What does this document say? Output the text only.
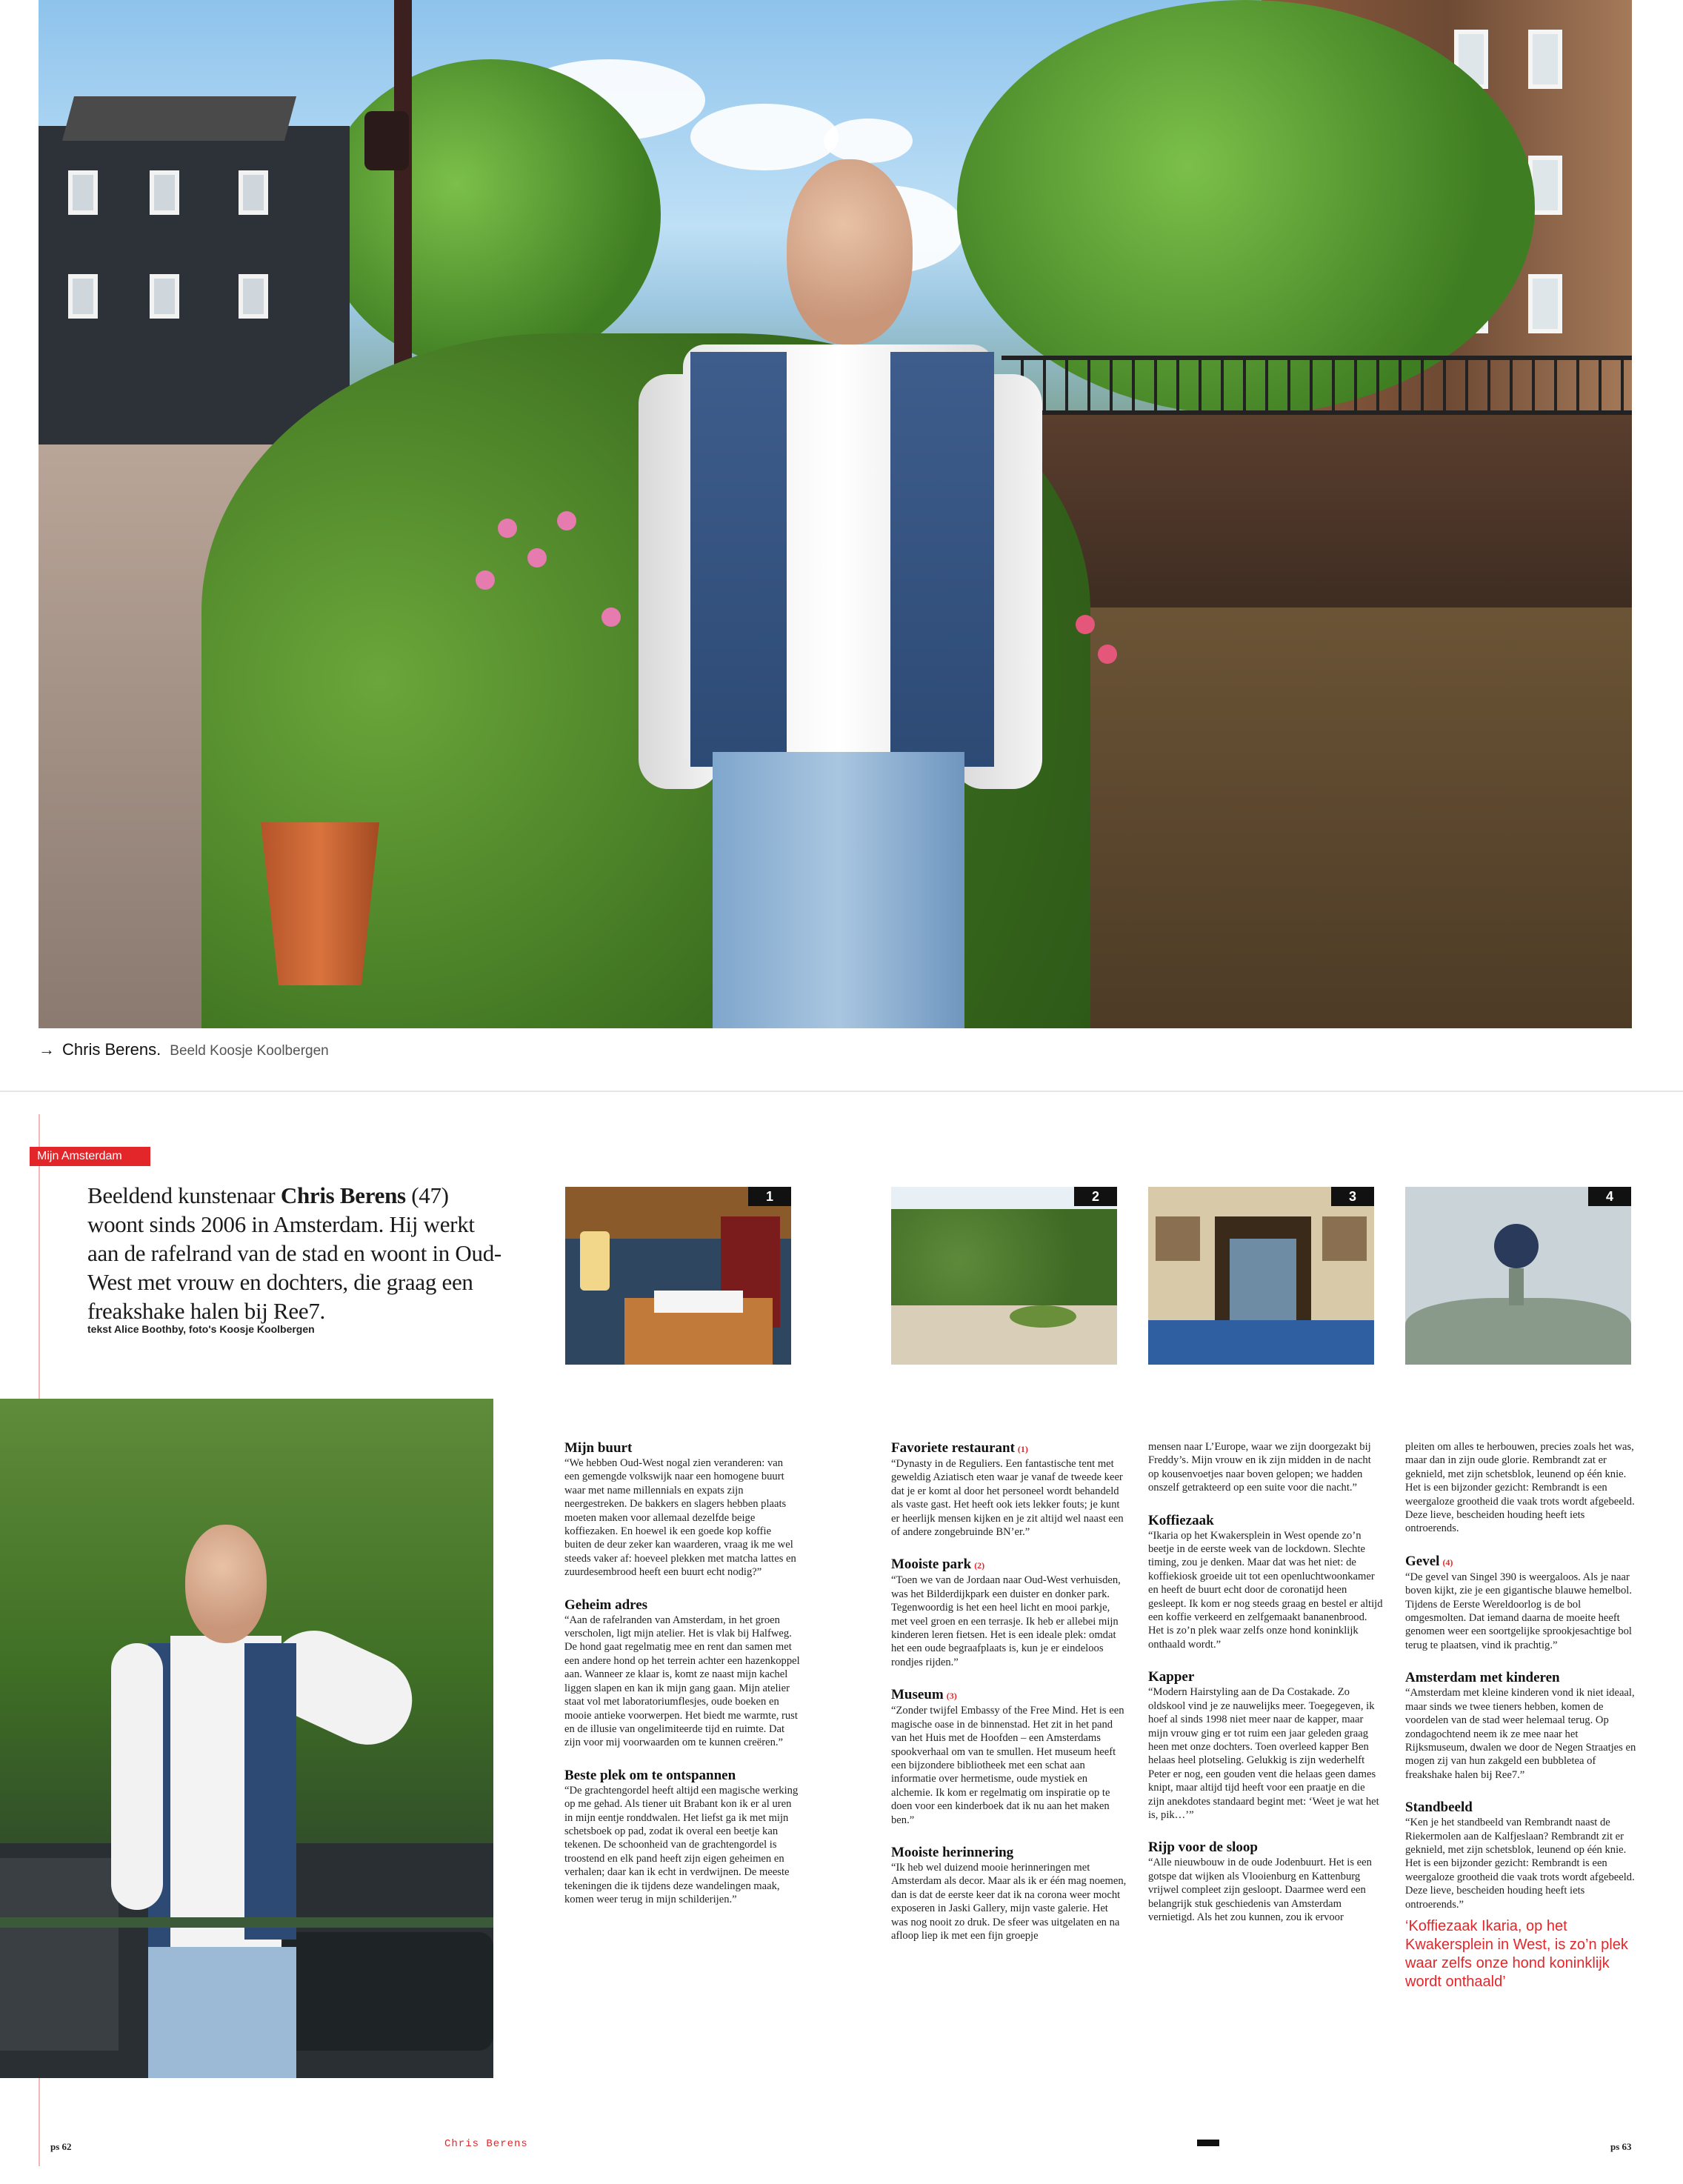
→ Chris Berens. Beeld Koosje Koolbergen
Mijn Amsterdam
Beeldend kunstenaar Chris Berens (47) woont sinds 2006 in Amsterdam. Hij werkt aan de rafelrand van de stad en woont in Oud-West met vrouw en dochters, die graag een freakshake halen bij Ree7.
tekst Alice Boothby, foto's Koosje Koolbergen
1	2	3	4
Mijn buurt

“We hebben Oud-West nogal zien veranderen: van een gemengde volkswijk naar een homogene buurt waar met name millennials en expats zijn neergestreken. De bakkers en slagers hebben plaats moeten maken voor allemaal dezelfde beige koffiezaken. En hoewel ik een goede kop koffie buiten de deur zeker kan waarderen, vraag ik me wel steeds vaker af: hoeveel plekken met matcha lattes en zuurdesembrood heeft een buurt echt nodig?”

Geheim adres

“Aan de rafelranden van Amsterdam, in het groen verscholen, ligt mijn atelier. Het is vlak bij Halfweg. De hond gaat regelmatig mee en rent dan samen met een andere hond op het terrein achter een hazenkoppel aan. Wanneer ze klaar is, komt ze naast mijn kachel liggen slapen en kan ik mijn gang gaan. Mijn atelier staat vol met laboratoriumflesjes, oude boeken en mooie antieke voorwerpen. Het biedt me warmte, rust en de illusie van ongelimiteerde tijd en ruimte. Dat zijn voor mij voorwaarden om te kunnen creëren.”

Beste plek om te ontspannen

“De grachtengordel heeft altijd een magische werking op me gehad. Als tiener uit Brabant kon ik er al uren in mijn eentje ronddwalen. Het liefst ga ik met mijn schetsboek op pad, zodat ik overal een beetje kan tekenen. De schoonheid van de grachtengordel is troostend en elk pand heeft zijn eigen geheimen en verhalen; daar kan ik echt in verdwijnen. De meeste tekeningen die ik tijdens deze wandelingen maak, komen weer terug in mijn schilderijen.”

Favoriete restaurant (1)

“Dynasty in de Reguliers. Een fantastische tent met geweldig Aziatisch eten waar je vanaf de tweede keer dat je er komt al door het personeel wordt behandeld als vaste gast. Het heeft ook iets lekker fouts; je kunt er heerlijk mensen kijken en je zit altijd wel naast een of andere zongebruinde BN’er.”

Mooiste park (2)

“Toen we van de Jordaan naar Oud-West verhuisden, was het Bilderdijkpark een duister en donker park. Tegenwoordig is het een heel licht en mooi parkje, met veel groen en een terrasje. Ik heb er allebei mijn kinderen leren fietsen. Het is een ideale plek: omdat het een oude begraafplaats is, kun je er eindeloos rondjes rijden.”

Museum (3)

“Zonder twijfel Embassy of the Free Mind. Het is een magische oase in de binnenstad. Het zit in het pand van het Huis met de Hoofden – een Amsterdams spookverhaal om van te smullen. Het museum heeft een bijzondere bibliotheek met een schat aan informatie over hermetisme, oude mystiek en alchemie. Ik kom er regelmatig om inspiratie op te doen voor een kinderboek dat ik nu aan het maken ben.”

Mooiste herinnering

“Ik heb wel duizend mooie herinneringen met Amsterdam als decor. Maar als ik er één mag noemen, dan is dat de eerste keer dat ik na corona weer mocht exposeren in Jaski Gallery, mijn vaste galerie. Het was nog nooit zo druk. De sfeer was uitgelaten en na afloop liep ik met een fijn groepje

mensen naar L’Europe, waar we zijn doorgezakt bij Freddy’s. Mijn vrouw en ik zijn midden in de nacht op kousenvoetjes naar boven gelopen; we hadden onszelf getrakteerd op een suite voor die nacht.”

Koffiezaak

“Ikaria op het Kwakersplein in West opende zo’n beetje in de eerste week van de lockdown. Slechte timing, zou je denken. Maar dat was het niet: de koffiekiosk groeide uit tot een openluchtwoonkamer en heeft de buurt echt door de coronatijd heen gesleept. Ik kom er nog steeds graag en bestel er altijd een koffie verkeerd en zelfgemaakt bananenbrood. Het is zo’n plek waar zelfs onze hond koninklijk onthaald wordt.”

Kapper

“Modern Hairstyling aan de Da Costakade. Zo oldskool vind je ze nauwelijks meer. Toegegeven, ik hoef al sinds 1998 niet meer naar de kapper, maar mijn vrouw ging er tot ruim een jaar geleden graag heen met onze dochters. Toen overleed kapper Ben helaas heel plotseling. Gelukkig is zijn wederhelft Peter er nog, een gouden vent die helaas geen dames knipt, maar altijd tijd heeft voor een praatje en die zijn anekdotes standaard begint met: ‘Weet je wat het is, pik…’”

Rijp voor de sloop

“Alle nieuwbouw in de oude Jodenbuurt. Het is een gotspe dat wijken als Vlooienburg en Kattenburg vrijwel compleet zijn gesloopt. Daarmee werd een belangrijk stuk geschiedenis van Amsterdam vernietigd. Als het zou kunnen, zou ik ervoor

pleiten om alles te herbouwen, precies zoals het was, maar dan in zijn oude glorie. Rembrandt zat er geknield, met zijn schetsblok, leunend op één knie. Het is een bijzonder gezicht: Rembrandt is een weergaloze grootheid die vaak trots wordt afgebeeld. Deze lieve, bescheiden houding heeft iets ontroerends.

Gevel (4)

“De gevel van Singel 390 is weergaloos. Als je naar boven kijkt, zie je een gigantische blauwe hemelbol. Tijdens de Eerste Wereldoorlog is de bol omgesmolten. Dat iemand daarna de moeite heeft genomen weer een soortgelijke sprookjesachtige bol terug te plaatsen, vind ik prachtig.”

Amsterdam met kinderen

“Amsterdam met kleine kinderen vond ik niet ideaal, maar sinds we twee tieners hebben, komen de voordelen van de stad weer helemaal terug. Op zondagochtend neem ik ze mee naar het Rijksmuseum, dwalen we door de Negen Straatjes en mogen zij van hun zakgeld een bubbletea of freakshake halen bij Ree7.”

Standbeeld

“Ken je het standbeeld van Rembrandt naast de Riekermolen aan de Kalfjeslaan? Rembrandt zit er geknield, met zijn schetsblok, leunend op één knie. Het is een bijzonder gezicht: Rembrandt is een weergaloze grootheid die vaak trots wordt afgebeeld. Deze lieve, bescheiden houding heeft iets ontroerends.”

‘Koffiezaak Ikaria, op het Kwakersplein in West, is zo’n plek waar zelfs onze hond koninklijk wordt onthaald’
ps 62	Chris Berens	ps 63
